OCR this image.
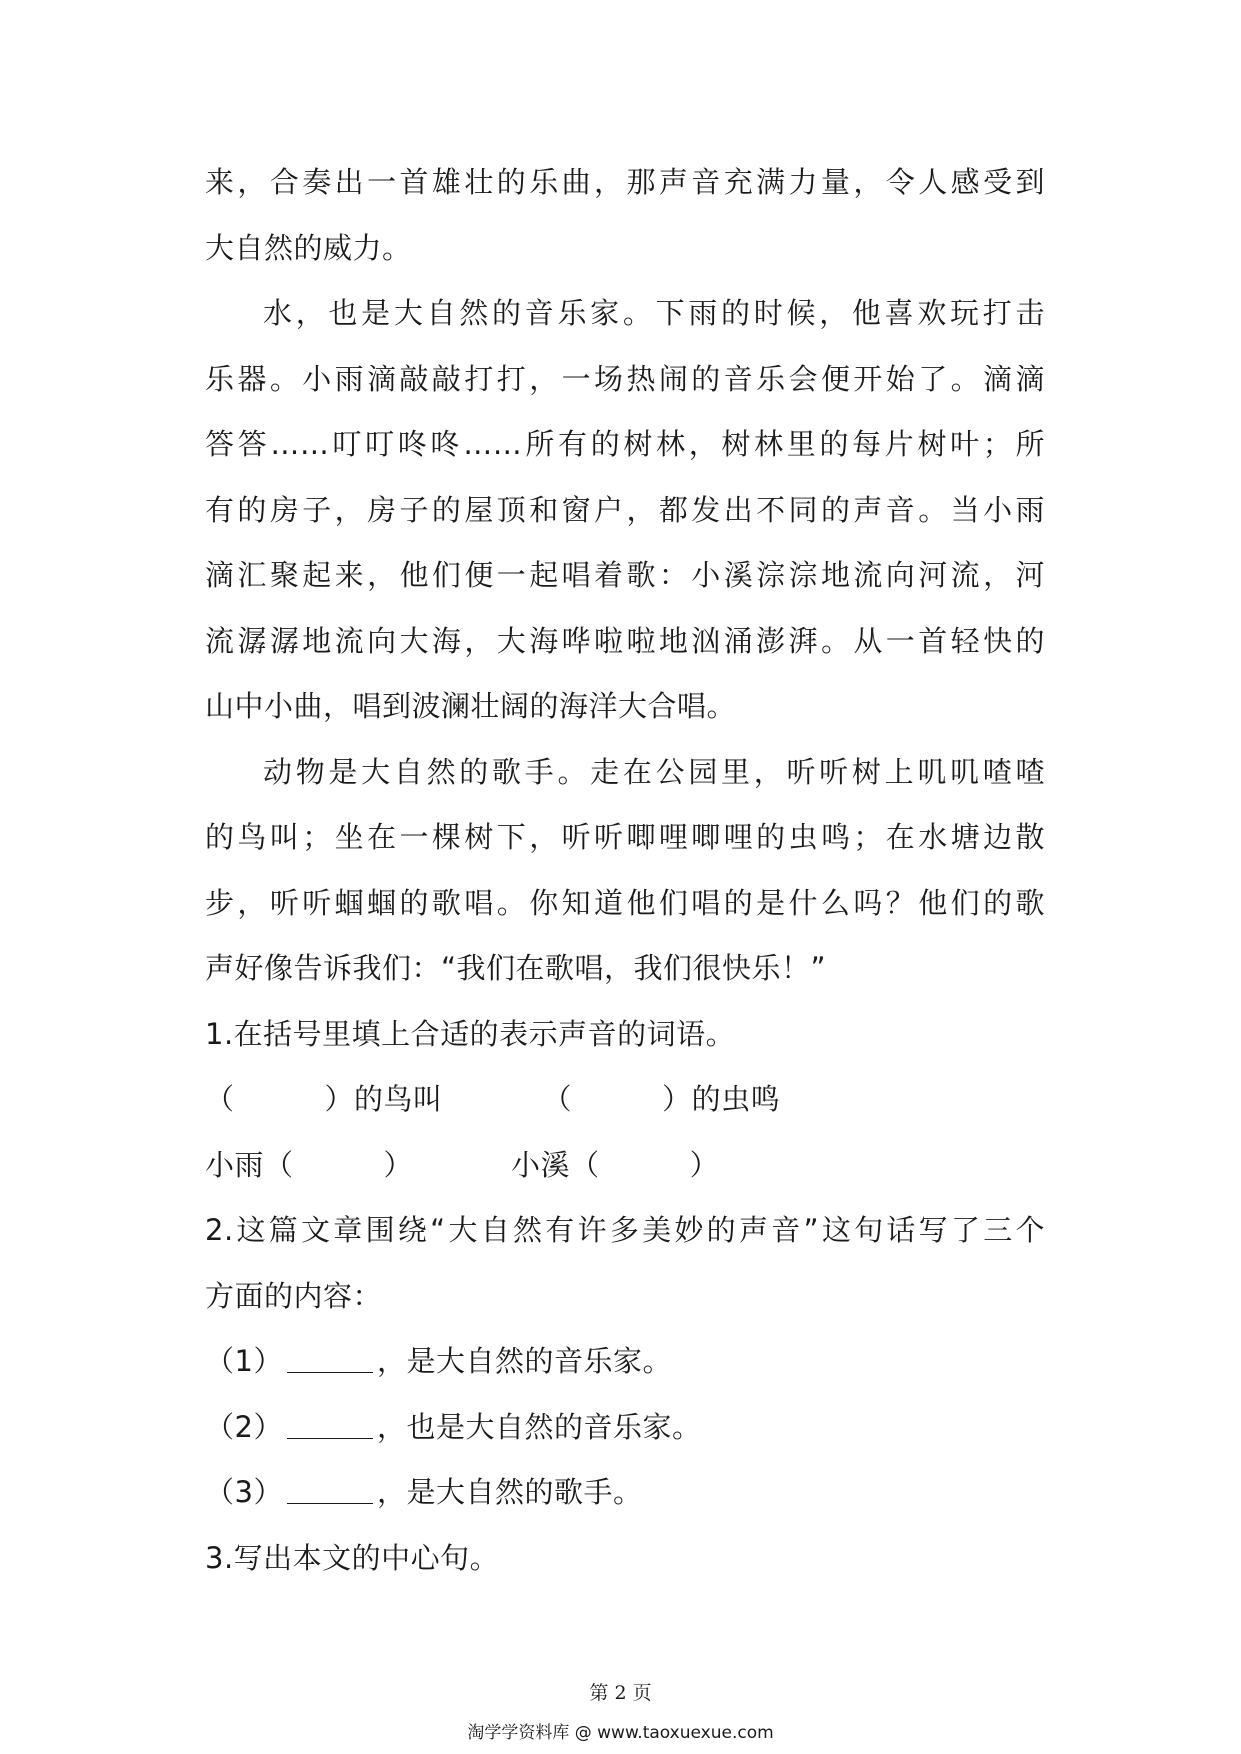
来，合奏出一首雄壮的乐曲，那声音充满力量，令人感受到
大自然的威力。
水，也是大自然的音乐家。下雨的时候，他喜欢玩打击
乐器。小雨滴敲敲打打，一场热闹的音乐会便开始了。滴滴
答答……叮叮咚咚……所有的树林，树林里的每片树叶；所
有的房子，房子的屋顶和窗户，都发出不同的声音。当小雨
滴汇聚起来，他们便一起唱着歌：小溪淙淙地流向河流，河
流潺潺地流向大海，大海哗啦啦地汹涌澎湃。从一首轻快的
山中小曲，唱到波澜壮阔的海洋大合唱。
动物是大自然的歌手。走在公园里，听听树上叽叽喳喳
的鸟叫；坐在一棵树下，听听唧哩唧哩的虫鸣；在水塘边散
步，听听蝈蝈的歌唱。你知道他们唱的是什么吗？他们的歌
声好像告诉我们：“我们在歌唱，我们很快乐！”
1.在括号里填上合适的表示声音的词语。
（	） 的鸟叫	（	） 的虫鸣
小雨 （	）	小溪 （	）
2.这篇文章围绕“大自然有许多美妙的声音”这句话写了三个
方面的内容：
（1）	，是大自然的音乐家。
（2）	，也是大自然的音乐家。
（3）	，是大自然的歌手。
3.写出本文的中心句。
第 2 页
淘学学资料库 @ www.taoxuexue.com
